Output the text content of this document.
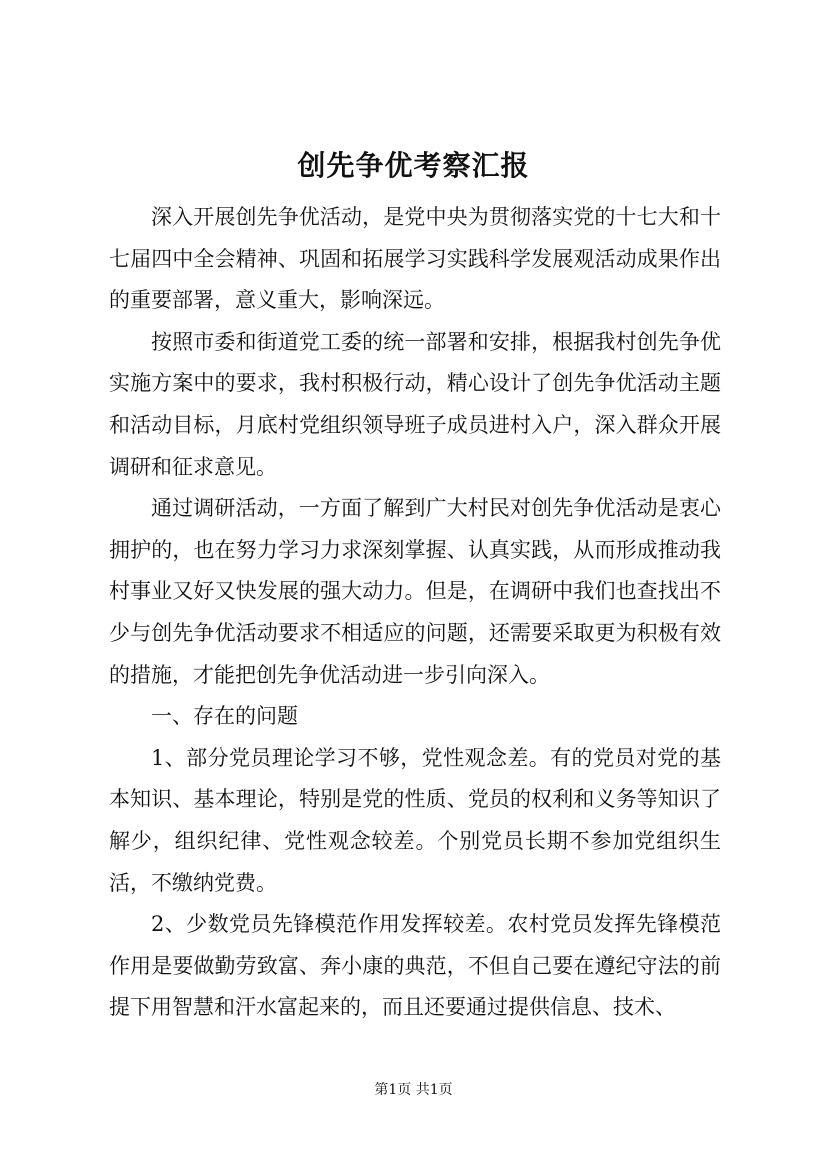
创先争优考察汇报

深入开展创先争优活动，是党中央为贯彻落实党的十七大和十七届四中全会精神、巩固和拓展学习实践科学发展观活动成果作出的重要部署，意义重大，影响深远。

按照市委和街道党工委的统一部署和安排，根据我村创先争优实施方案中的要求，我村积极行动，精心设计了创先争优活动主题和活动目标，月底村党组织领导班子成员进村入户，深入群众开展调研和征求意见。

通过调研活动，一方面了解到广大村民对创先争优活动是衷心拥护的，也在努力学习力求深刻掌握、认真实践，从而形成推动我村事业又好又快发展的强大动力。但是，在调研中我们也查找出不少与创先争优活动要求不相适应的问题，还需要采取更为积极有效的措施，才能把创先争优活动进一步引向深入。

一、存在的问题

1、部分党员理论学习不够，党性观念差。有的党员对党的基本知识、基本理论，特别是党的性质、党员的权利和义务等知识了解少，组织纪律、党性观念较差。个别党员长期不参加党组织生活，不缴纳党费。

2、少数党员先锋模范作用发挥较差。农村党员发挥先锋模范作用是要做勤劳致富、奔小康的典范，不但自己要在遵纪守法的前提下用智慧和汗水富起来的，而且还要通过提供信息、技术、

第1页 共1页
